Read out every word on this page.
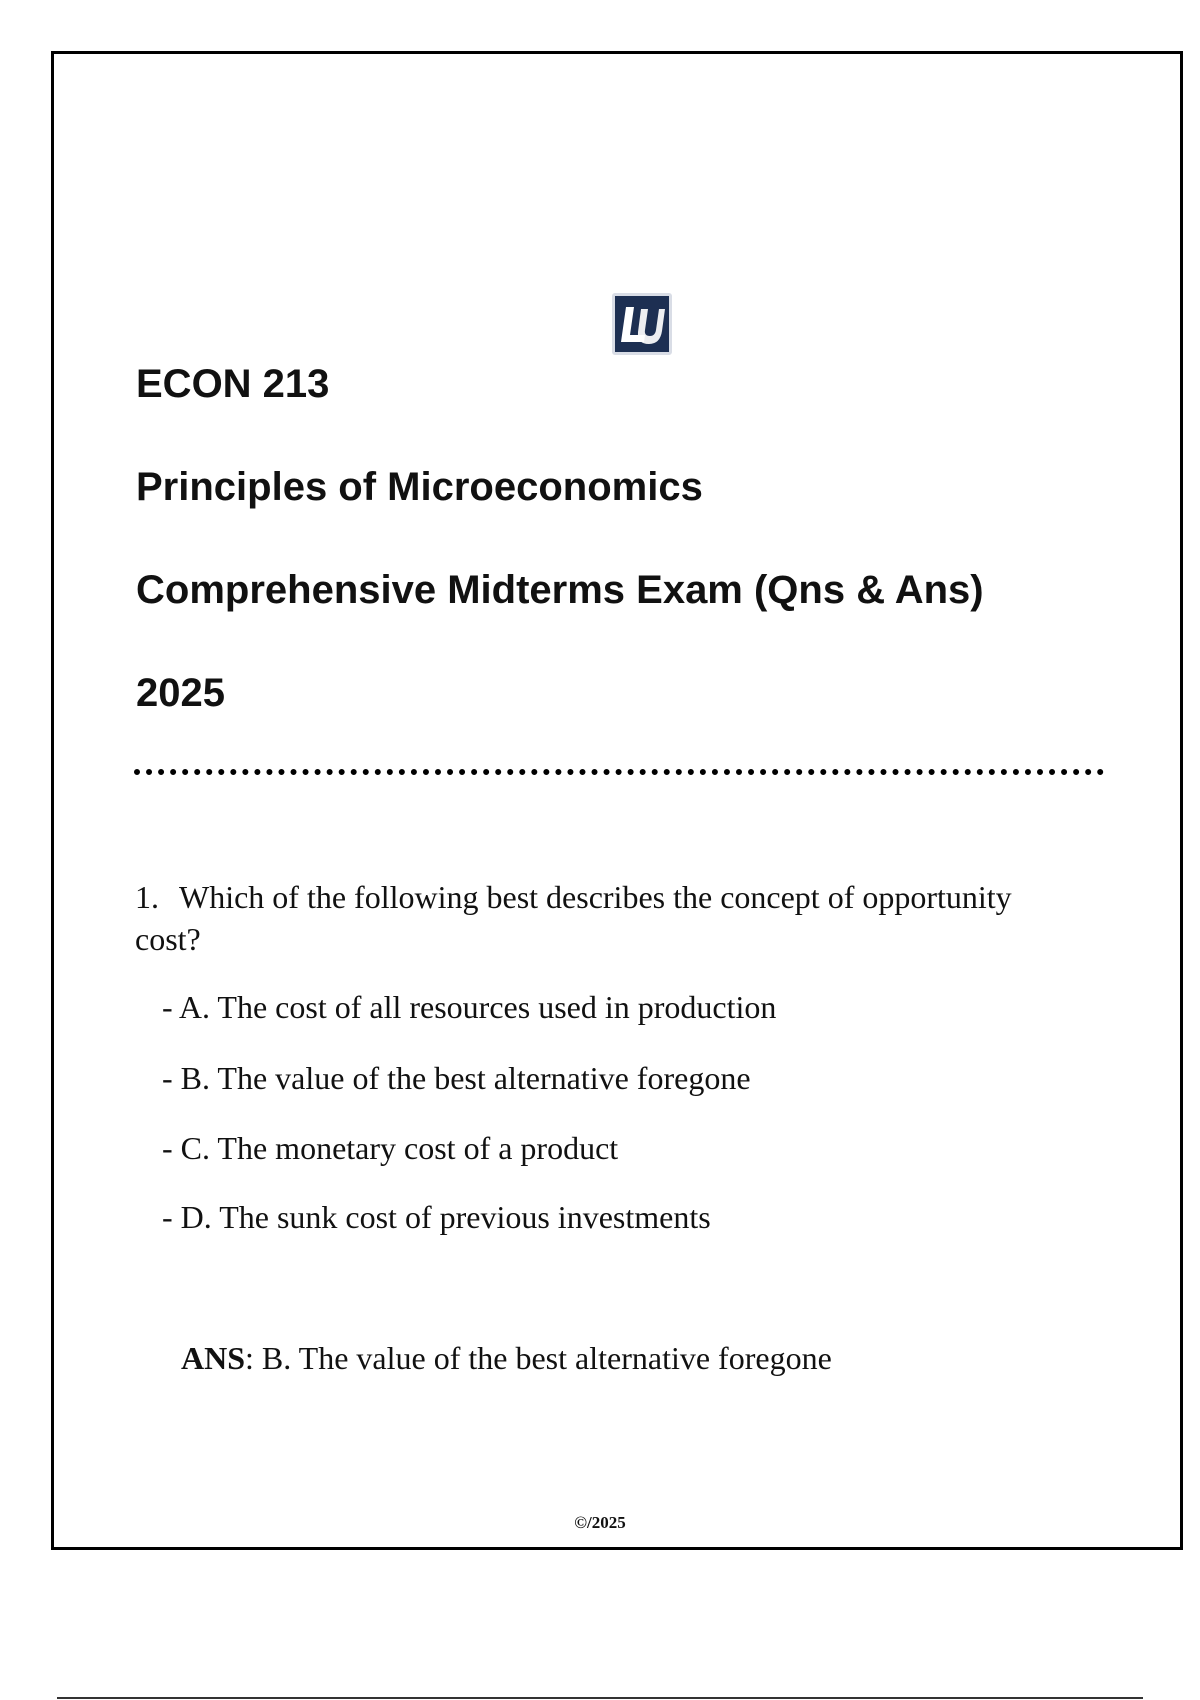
ECON 213
Principles of Microeconomics
Comprehensive Midterms Exam (Qns & Ans)
2025

1. Which of the following best describes the concept of opportunity cost?

- A. The cost of all resources used in production

- B. The value of the best alternative foregone

- C. The monetary cost of a product

- D. The sunk cost of previous investments

ANS: B. The value of the best alternative foregone

©/2025
